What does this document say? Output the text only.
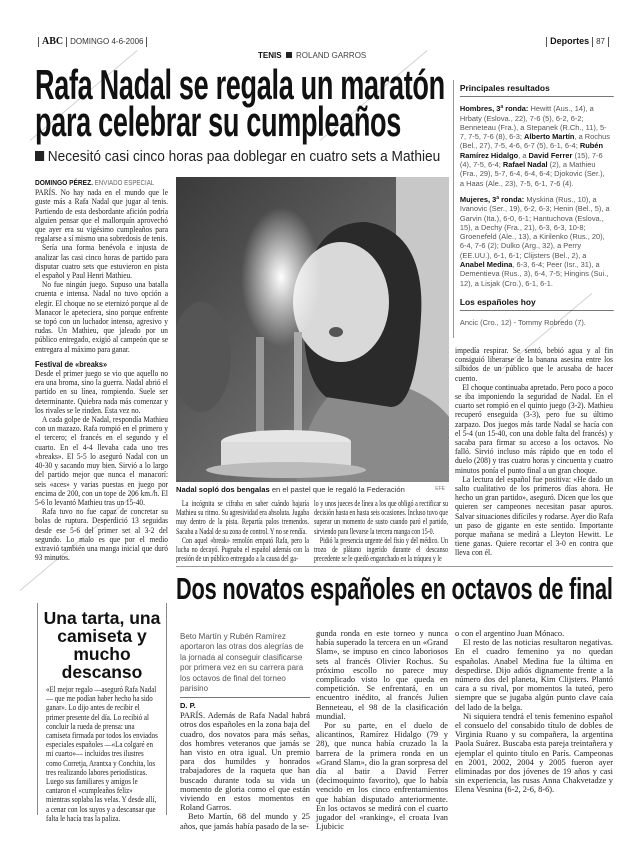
ABC DOMINGO 4-6-2006	Deportes 87
TENIS ROLAND GARROS
Rafa Nadal se regala un maratón
para celebrar su cumpleaños
Necesitó casi cinco horas paa doblegar en cuatro sets a Mathieu
DOMINGO PÉREZ. ENVIADO ESPECIAL

PARÍS. No hay nada en el mundo que le guste más a Rafa Nadal que jugar al tenis. Partiendo de esta desbordante afición podría alguien pensar que el mallorquín aprovechó que ayer era su vigésimo cumpleaños para regalarse a sí mismo una sobredosis de tenis.

Sería una forma benévola e injusta de analizar las casi cinco horas de partido para disputar cuatro sets que estuvieron en pista el español y Paul Henri Mathieu.

No fue ningún juego. Supuso una batalla cruenta e intensa. Nadal no tuvo opción a elegir. El choque no se eternizó porque al de Manacor le apeteciera, sino porque enfrente se topó con un luchador intenso, agresivo y rudas. Un Mathieu, que jaleado por un público entregado, exigió al campeón que se entregara al máximo para ganar.

Festival de «breaks»

Desde el primer juego se vio que aquello no era una broma, sino la guerra. Nadal abrió el partido en su línea, rompiendo. Suele ser determinante. Quiebra nada más comenzar y los rivales se le rinden. Esta vez no.

A cada golpe de Nadal, respondía Mathieu con un mazazo. Rafa rompió en el primero y el tercero; el francés en el segundo y el cuarto. En el 4-4 llevaba cada uno tres «breaks». El 5-5 lo aseguró Nadal con un 40-30 y sacando muy bien. Sirvió a lo largo del partido mejor que nunca el manacorí: seis «aces» y varias puestas en juego por encima de 200, con un tope de 206 km./h. El 5-6 lo levantó Mathieu tras un 15-40.

Rafa tuvo no fue capaz de concretar su bolas de ruptura. Desperdició 13 seguidas desde ese 5-6 del primer set al 3-2 del segundo. Lo malo es que por el medio extravió también una manga inicial que duró 93 minutos.

Nadal sopló dos bengalas en el pastel que le regaló la Federación	EFE

La incógnita se cifraba en saber cuándo bajaría Mathieu su ritmo. Su agresividad era absoluta. Jugaba muy dentro de la pista. Repartía palos tremendos. Sacaba a Nadal de su zona de control. Y no se rendía.

Con aquel «break» remolón empató Rafa, pero la lucha no decayó. Pugnaba el español además con la presión de un público entregado a la causa del ga-

lo y unos jueces de línea a los que obligó a rectificar su decisión hasta en hasta seis ocasiones. Incluso tuvo que superar un momento de susto cuando paró el partido, sirviendo para llevarse la tercera manga con 15-0.

Pidió la presencia urgente del fisio y del médico. Un trozo de plátano ingerido durante el descanso precedente se le quedó enganchado en la tráquea y le

Principales resultados
Hombres, 3ª ronda: Hewitt (Aus., 14), a Hrbaty (Eslova., 22), 7-6 (5), 6-2, 6-2; Benneteau (Fra.), a Stepanek (R.Ch., 11), 5-7, 7-5, 7-6 (8), 6-3; Alberto Martín, a Rochus (Bel., 27), 7-5, 4-6, 6-7 (5), 6-1, 6-4; Rubén Ramírez Hidalgo, a David Ferrer (15), 7-6 (4), 7-5, 6-4; Rafael Nadal (2), a Mathieu (Fra., 29), 5-7, 6-4, 6-4, 6-4; Djokovic (Ser.), a Haas (Ale., 23), 7-5, 6-1, 7-6 (4).
Mujeres, 3ª ronda: Myskina (Rus., 10), a Ivanovic (Ser., 19), 6-2, 6-3; Henin (Bel., 5), a Garvin (Ita.), 6-0, 6-1; Hantuchova (Eslova., 15), a Dechy (Fra., 21), 6-3, 6-3, 10-8; Groenefeld (Ale., 13), a Kirilenko (Rus., 20), 6-4, 7-6 (2); Dulko (Arg., 32), a Perry (EE.UU.), 6-1, 6-1; Clijsters (Bel., 2), a Anabel Medina, 6-3, 6-4; Peer (Isr., 31), a Dementieva (Rus., 3), 6-4, 7-5; Hingins (Sui., 12), a Lisjak (Cro.), 6-1, 6-1.
Los españoles hoy
Ancic (Cro., 12) - Tommy Robredo (7).

impedía respirar. Se sentó, bebió agua y al fin consiguió liberarse de la banana asesina entre los silbidos de un público que le acusaba de hacer cuento.

El choque continuaba apretado. Pero poco a poco se iba imponiendo la seguridad de Nadal. En el cuarto set rompió en el quinto juego (3-2). Mathieu recuperó enseguida (3-3), pero fue su último zarpazo. Dos juegos más tarde Nadal se hacía con el 5-4 (un 15-40, con una doble falta del francés) y sacaba para firmar su acceso a los octavos. No falló. Sirvió incluso más rápido que en todo el duelo (208) y tras cuatro horas y cincuenta y cuatro minutos ponía el punto final a un gran choque.

La lectura del español fue positiva: «He dado un salto cualitativo de los primeros días ahora. He hecho un gran partido», aseguró. Dicen que los que quieren ser campeones necesitan pasar apuros. Salvar situaciones difíciles y rodarse. Ayer dio Rafa un paso de gigante en este sentido. Importante porque mañana se medirá a Lleyton Hewitt. Le tiene ganas. Quiere recortar el 3-0 en contra que lleva con él.

Una tarta, una camiseta y mucho descanso

«El mejor regalo —aseguró Rafa Nadal— que me podían haber hecho ha sido ganar». Lo dijo antes de recibir el primer presente del día. Lo recibió al concluir la rueda de prensa: una camiseta firmada por todos los enviados especiales españoles —«La colgaré en mi cuarto»— incluidos tres ilustres como Corretja, Arantxa y Conchita, los tres realizando labores periodísticas. Luego sus familiares y amigos le cantaron el «cumpleaños feliz» mientras soplaba las velas. Y desde allí, a cenar con los suyos y a descansar que falta le hacía tras la paliza.

Dos novatos españoles en octavos de final
Beto Martín y Rubén Ramírez aportaron las otras dos alegrías de la jornada al conseguir clasificarse por primera vez en su carrera para los octavos de final del torneo parisino
D. P.

PARÍS. Además de Rafa Nadal habrá otros dos españoles en la zona baja del cuadro, dos novatos para más señas, dos hombres veteranos que jamás se han visto en otra igual. Un premio para dos humildes y honrados trabajadores de la raqueta que han buscado durante toda su vida un momento de gloria como el que están viviendo en estos momentos en Roland Garros.

Beto Martín, 68 del mundo y 25 años, que jamás había pasado de la se-

gunda ronda en este torneo y nunca había superado la tercera en un «Grand Slam», se impuso en cinco laboriosos sets al francés Olivier Rochus. Su próximo escollo no parece muy complicado visto lo que queda en competición. Se enfrentará, en un encuentro inédito, al francés Julien Benneteau, el 98 de la clasificación mundial.

Por su parte, en el duelo de alicantinos, Ramírez Hidalgo (79 y 28), que nunca había cruzado la la barrera de la primera ronda en un «Grand Slam», dio la gran sorpresa del día al batir a David Ferrer (decimoquinto favorito), que lo había vencido en los cinco enfrentamientos que habían disputado anteriormente. En los octavos se medirá con el cuarto jugador del «ranking», el croata Ivan Ljubicic

o con el argentino Juan Mónaco.

El resto de las noticias resultaron negativas. En el cuadro femenino ya no quedan españolas. Anabel Medina fue la última en despedirse. Dijo adiós dignamente frente a la número dos del planeta, Kim Clijsters. Plantó cara a su rival, por momentos la tuteó, pero siempre que se jugaba algún punto clave caía del lado de la belga.

Ni siquiera tendrá el tenis femenino español el consuelo del consabido título de dobles de Virginia Ruano y su compañera, la argentina Paola Suárez. Buscaba esta pareja treintañera y ejemplar el quinto título en París. Campeonas en 2001, 2002, 2004 y 2005 fueron ayer eliminadas por dos jóvenes de 19 años y casi sin experiencia, las rusas Anna Chakvetadze y Elena Vesnina (6-2, 2-6, 8-6).
